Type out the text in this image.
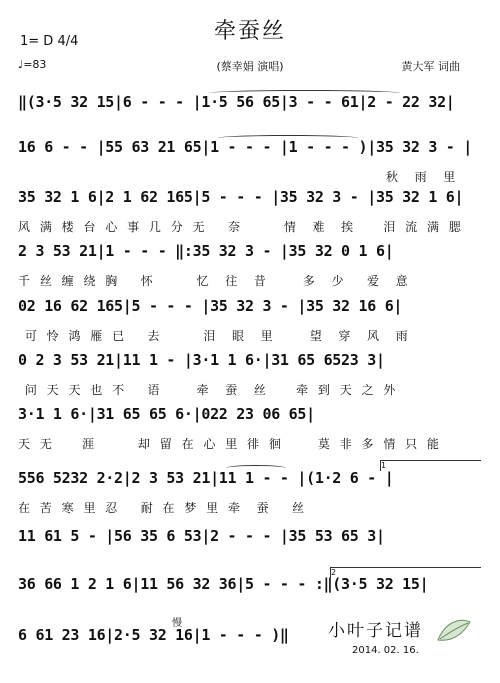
1= D 4/4	牵蚕丝
♩=83	(蔡幸娟 演唱)	黄大军 词曲
‖(3·5 32 15|6 - - - |1·5 56 65|3 - - 61|2 - 22 32|
16 6 - - |55 63 21 65|1 - - - |1 - - - )|35 32 3 - |
秋  雨  里
35 32 1 6|2 1 62 165|5 - - - |35 32 3 - |35 32 1 6|
风 满 楼 台 心 事 几 分 无   奈      情  难  挨    泪 流 满 腮
2 3 53 21|1 - - - ‖:35 32 3 - |35 32 0 1 6|
千 丝 缠 绕 胸   怀      忆  往  昔     多  少   爱  意
02 16 62 165|5 - - - |35 32 3 - |35 32 16 6|
可 怜 鸿 雁 已   去      泪  眼  里     望  穿  风  雨
0 2 3 53 21|11 1 - |3·1 1 6·|31 65 6523 3|
问 天 天 也 不   语     牵  蚕  丝    牵 到 天 之 外
3·1 1 6·|31 65 65 6·|022 23 06 65|
天 无    涯      却 留 在 心 里 徘 徊     莫 非 多 情 只 能
556 5232 2·2|2 3 53 21|11 1 - - |(1·2 6 - |
在 苦 寒 里 忍   耐 在 梦 里 牵  蚕   丝
11 61 5 - |56 35 6 53|2 - - - |35 53 65 3|
36 66 1 2 1 6|11 56 32 36|5 - - - :‖(3·5 32 15|
6 61 23 16|2·5 32 16|1 - - - )‖
慢
1
2
小叶子记谱
2014. 02. 16.
